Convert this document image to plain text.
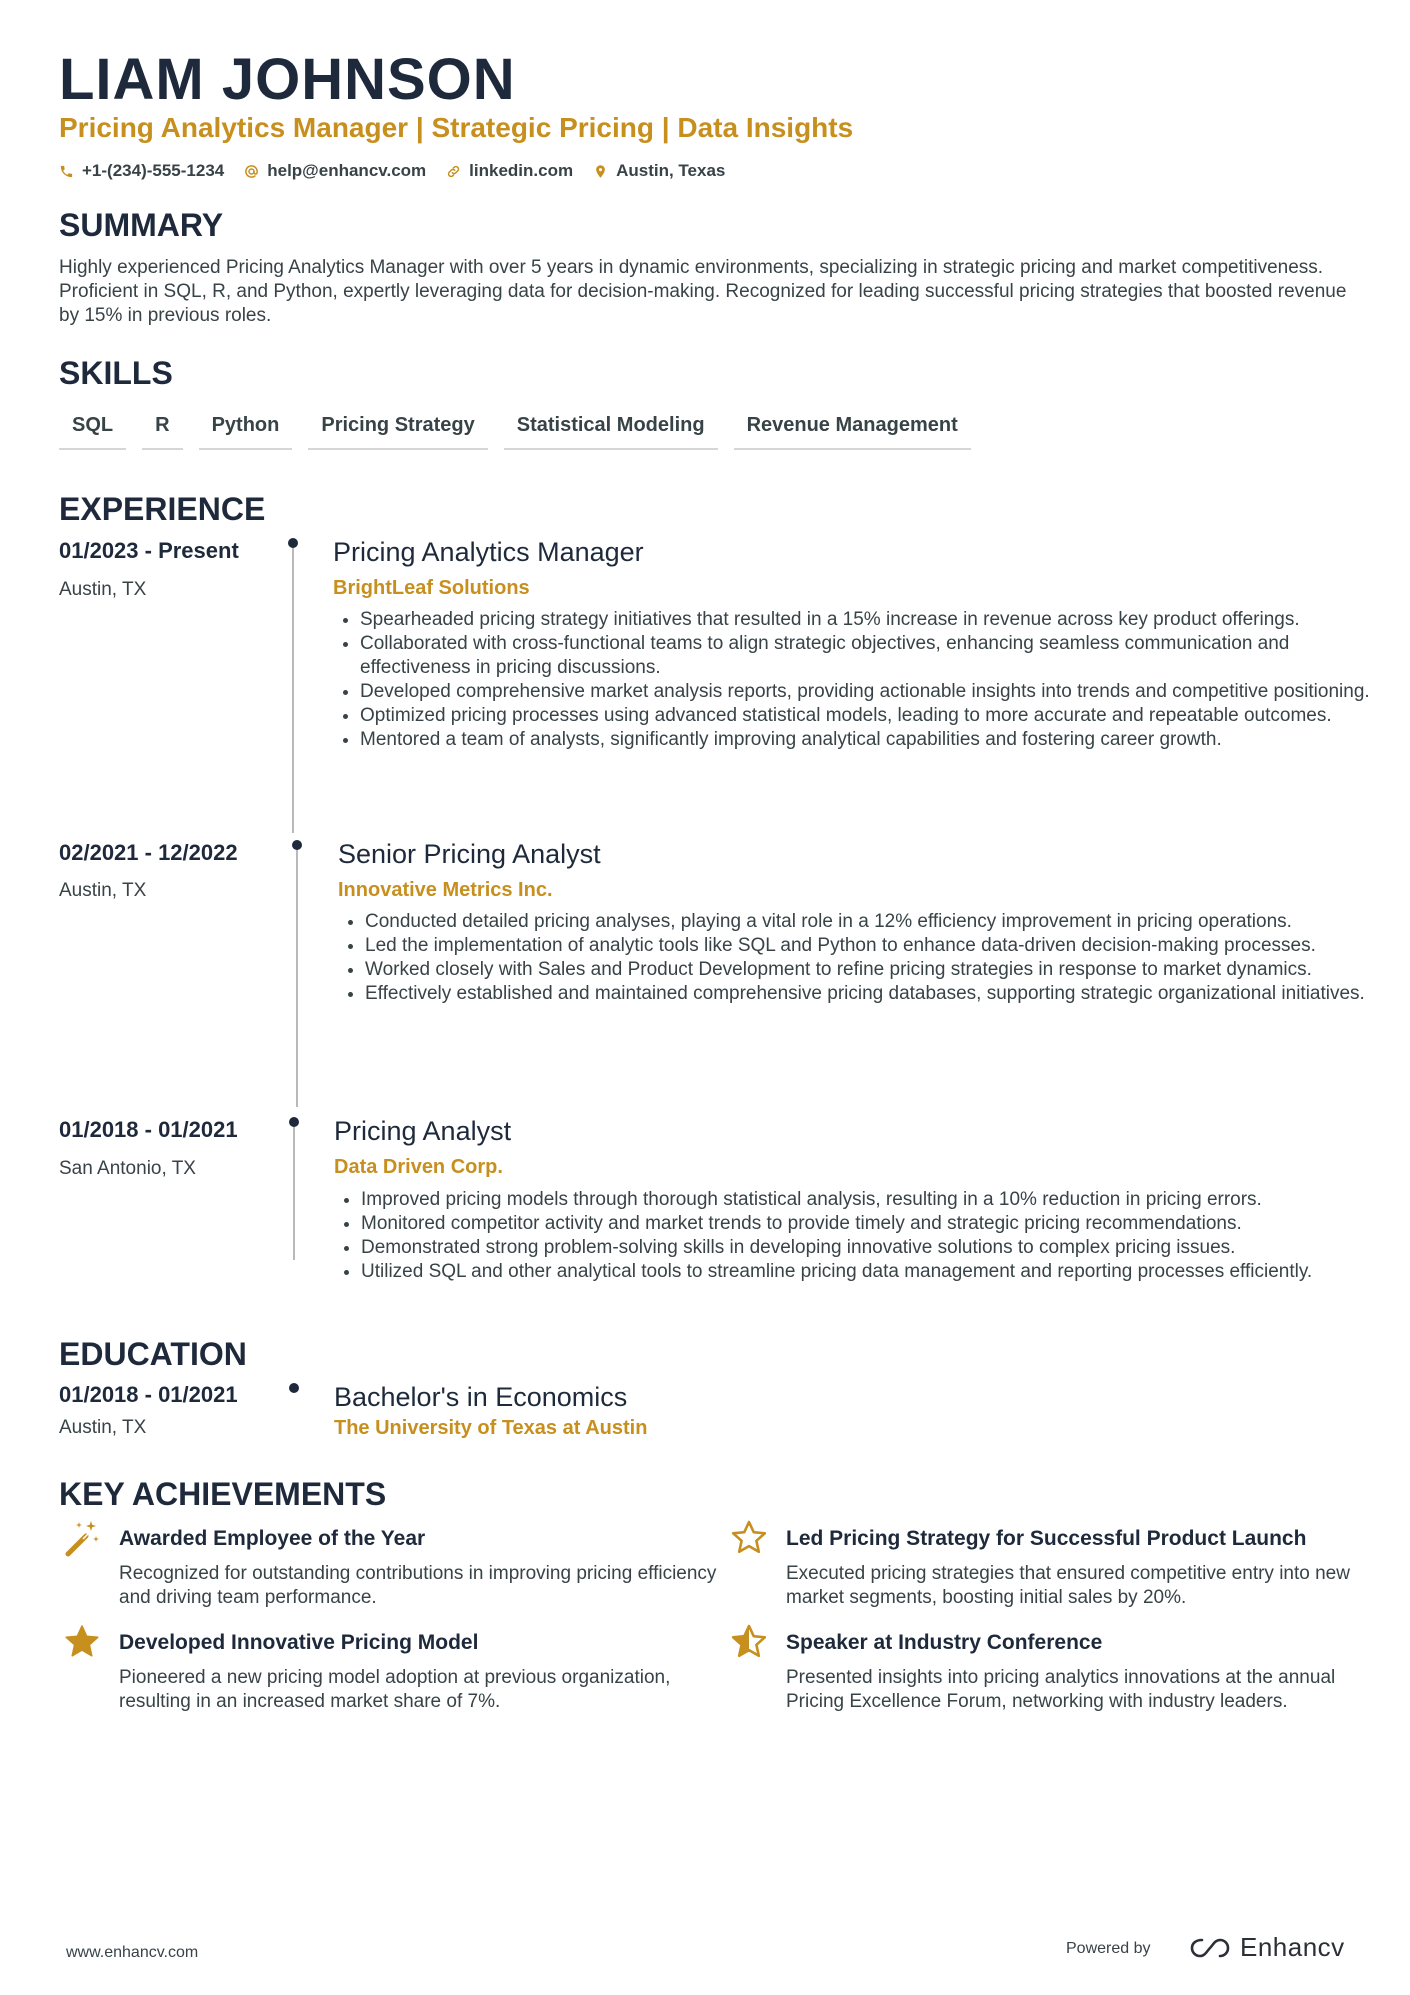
LIAM JOHNSON
Pricing Analytics Manager | Strategic Pricing | Data Insights
+1-(234)-555-1234	help@enhancv.com	linkedin.com	Austin, Texas
SUMMARY
Highly experienced Pricing Analytics Manager with over 5 years in dynamic environments, specializing in strategic pricing and market competitiveness. Proficient in SQL, R, and Python, expertly leveraging data for decision-making. Recognized for leading successful pricing strategies that boosted revenue by 15% in previous roles.
SKILLS
SQL	R	Python	Pricing Strategy	Statistical Modeling	Revenue Management
EXPERIENCE
01/2023 - Present
Austin, TX
Pricing Analytics Manager
BrightLeaf Solutions
• Spearheaded pricing strategy initiatives that resulted in a 15% increase in revenue across key product offerings.
• Collaborated with cross-functional teams to align strategic objectives, enhancing seamless communication and effectiveness in pricing discussions.
• Developed comprehensive market analysis reports, providing actionable insights into trends and competitive positioning.
• Optimized pricing processes using advanced statistical models, leading to more accurate and repeatable outcomes.
• Mentored a team of analysts, significantly improving analytical capabilities and fostering career growth.
02/2021 - 12/2022
Austin, TX
Senior Pricing Analyst
Innovative Metrics Inc.
• Conducted detailed pricing analyses, playing a vital role in a 12% efficiency improvement in pricing operations.
• Led the implementation of analytic tools like SQL and Python to enhance data-driven decision-making processes.
• Worked closely with Sales and Product Development to refine pricing strategies in response to market dynamics.
• Effectively established and maintained comprehensive pricing databases, supporting strategic organizational initiatives.
01/2018 - 01/2021
San Antonio, TX
Pricing Analyst
Data Driven Corp.
• Improved pricing models through thorough statistical analysis, resulting in a 10% reduction in pricing errors.
• Monitored competitor activity and market trends to provide timely and strategic pricing recommendations.
• Demonstrated strong problem-solving skills in developing innovative solutions to complex pricing issues.
• Utilized SQL and other analytical tools to streamline pricing data management and reporting processes efficiently.
EDUCATION
01/2018 - 01/2021
Austin, TX
Bachelor's in Economics
The University of Texas at Austin
KEY ACHIEVEMENTS
Awarded Employee of the Year
Recognized for outstanding contributions in improving pricing efficiency and driving team performance.
Led Pricing Strategy for Successful Product Launch
Executed pricing strategies that ensured competitive entry into new market segments, boosting initial sales by 20%.
Developed Innovative Pricing Model
Pioneered a new pricing model adoption at previous organization, resulting in an increased market share of 7%.
Speaker at Industry Conference
Presented insights into pricing analytics innovations at the annual Pricing Excellence Forum, networking with industry leaders.
www.enhancv.com	Powered by	Enhancv
